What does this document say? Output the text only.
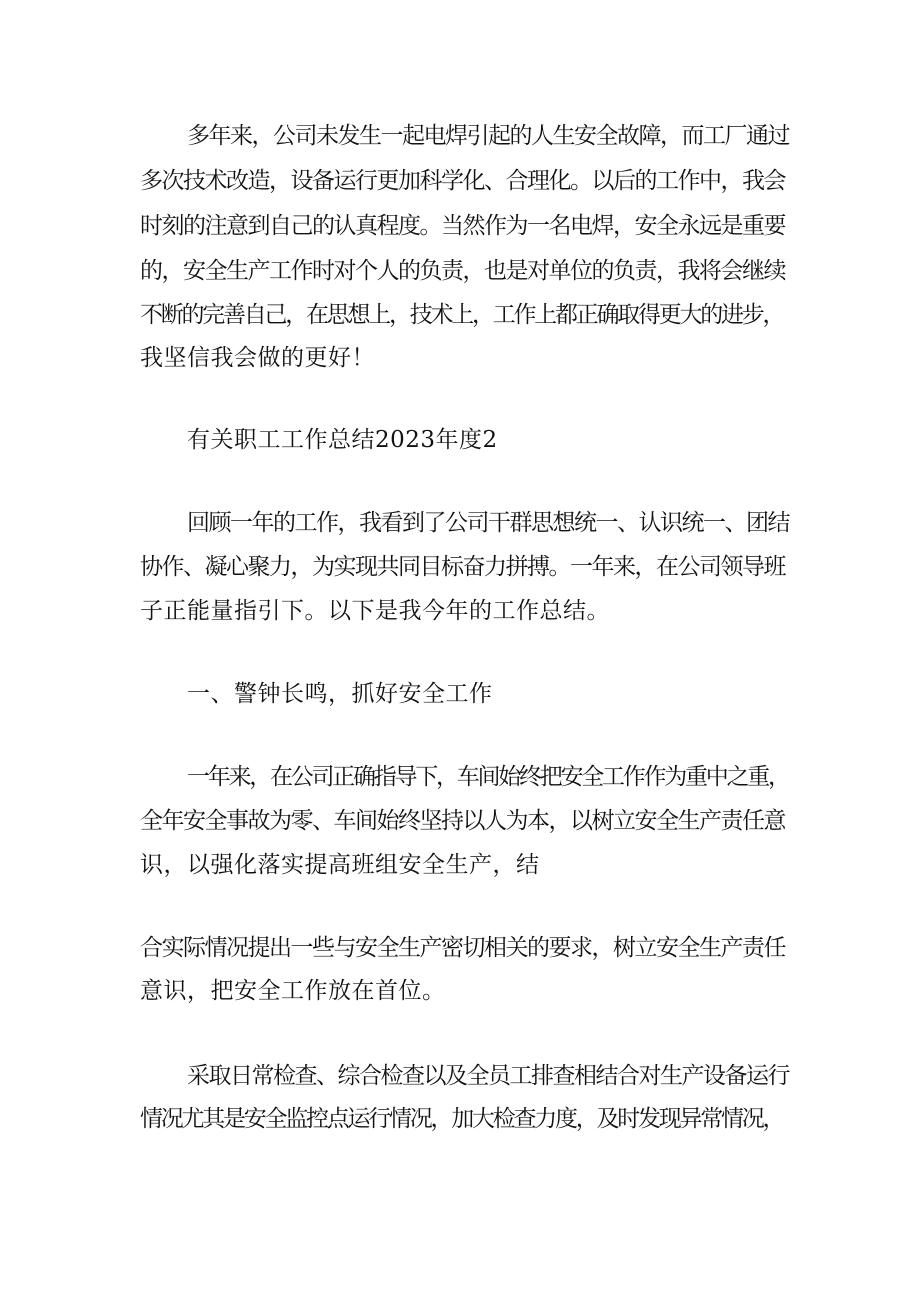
多年来，公司未发生一起电焊引起的人生安全故障，而工厂通过
多次技术改造，设备运行更加科学化、合理化。以后的工作中，我会
时刻的注意到自己的认真程度。当然作为一名电焊，安全永远是重要
的，安全生产工作时对个人的负责，也是对单位的负责，我将会继续
不断的完善自己，在思想上，技术上，工作上都正确取得更大的进步，
我坚信我会做的更好！
有关职工工作总结2023年度2
回顾一年的工作，我看到了公司干群思想统一、认识统一、团结
协作、凝心聚力，为实现共同目标奋力拼搏。一年来，在公司领导班
子正能量指引下。以下是我今年的工作总结。
一、警钟长鸣，抓好安全工作
一年来，在公司正确指导下，车间始终把安全工作作为重中之重，
全年安全事故为零、车间始终坚持以人为本，以树立安全生产责任意
识，以强化落实提高班组安全生产，结
合实际情况提出一些与安全生产密切相关的要求，树立安全生产责任
意识，把安全工作放在首位。
采取日常检查、综合检查以及全员工排查相结合对生产设备运行
情况尤其是安全监控点运行情况，加大检查力度，及时发现异常情况，
